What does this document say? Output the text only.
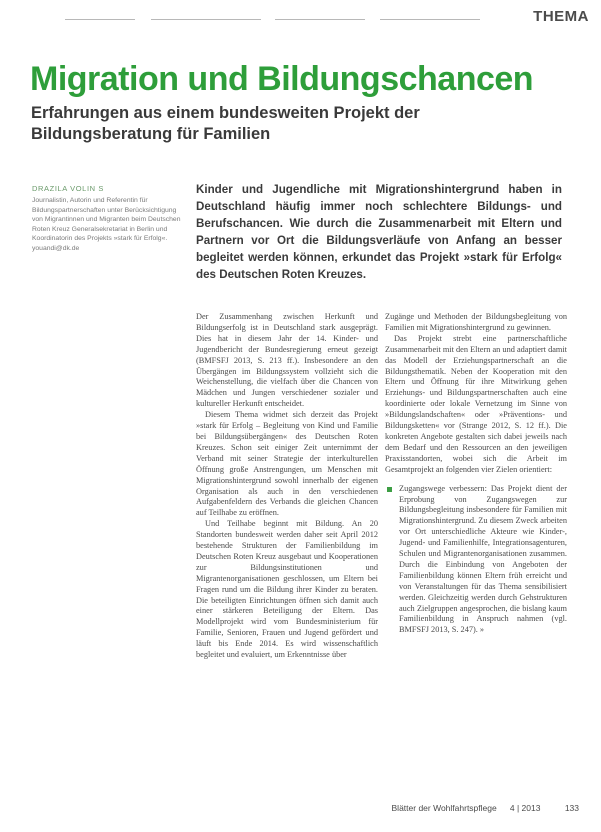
THEMA
Migration und Bildungschancen
Erfahrungen aus einem bundesweiten Projekt der Bildungsberatung für Familien
DRAZILA VOLIN S
Journalistin, Autorin und Referentin für Bildungspartnerschaften unter Berücksichtigung von Migrantinnen und Migranten beim Deutschen Roten Kreuz Generalsekretariat in Berlin und Koordinatorin des Projekts »stark für Erfolg«. youandi@dk.de

Kinder und Jugendliche mit Migrationshintergrund haben in Deutschland häufig immer noch schlechtere Bildungs- und Berufschancen. Wie durch die Zusammenarbeit mit Eltern und Partnern vor Ort die Bildungsverläufe von Anfang an besser begleitet werden können, erkundet das Projekt »stark für Erfolg« des Deutschen Roten Kreuzes.

Der Zusammenhang zwischen Herkunft und Bildungserfolg ist in Deutschland stark ausgeprägt. Dies hat in diesem Jahr der 14. Kinder- und Jugendbericht der Bundesregierung erneut gezeigt (BMFSFJ 2013, S. 213 ff.). Insbesondere an den Übergängen im Bildungssystem vollzieht sich die Weichenstellung, die vielfach über die Chancen von Mädchen und Jungen verschiedener sozialer und kultureller Herkunft entscheidet.

Diesem Thema widmet sich derzeit das Projekt »stark für Erfolg – Begleitung von Kind und Familie bei Bildungsübergängen« des Deutschen Roten Kreuzes. Schon seit einiger Zeit unternimmt der Verband mit seiner Strategie der interkulturellen Öffnung große Anstrengungen, um Menschen mit Migrationshintergrund sowohl innerhalb der eigenen Organisation als auch in den verschiedenen Aufgabenfeldern des Verbands die gleichen Chancen auf Teilhabe zu eröffnen.

Und Teilhabe beginnt mit Bildung. An 20 Standorten bundesweit werden daher seit April 2012 bestehende Strukturen der Familienbildung im Deutschen Roten Kreuz ausgebaut und Kooperationen zur Bildungsinstitutionen und Migrantenorganisationen geschlossen, um Eltern bei Fragen rund um die Bildung ihrer Kinder zu beraten. Die beteiligten Einrichtungen öffnen sich damit auch einer stärkeren Beteiligung der Eltern. Das Modellprojekt wird vom Bundesministerium für Familie, Senioren, Frauen und Jugend gefördert und läuft bis Ende 2014. Es wird wissenschaftlich begleitet und evaluiert, um Erkenntnisse über

Zugänge und Methoden der Bildungsbegleitung von Familien mit Migrationshintergrund zu gewinnen.

Das Projekt strebt eine partnerschaftliche Zusammenarbeit mit den Eltern an und adaptiert damit das Modell der Erziehungspartnerschaft an die Bildungsthematik. Neben der Kooperation mit den Eltern und Öffnung für ihre Mitwirkung gehen Erziehungs- und Bildungspartnerschaften auch eine koordinierte oder lokale Vernetzung im Sinne von »Bildungslandschaften« oder »Präventions- und Bildungsketten« vor (Strange 2012, S. 12 ff.). Die konkreten Angebote gestalten sich dabei jeweils nach dem Bedarf und den Ressourcen an den jeweiligen Praxisstandorten, wobei sich die Arbeit im Gesamtprojekt an folgenden vier Zielen orientiert:

Zugangswege verbessern: Das Projekt dient der Erprobung von Zugangswegen zur Bildungsbegleitung insbesondere für Familien mit Migrationshintergrund. Zu diesem Zweck arbeiten vor Ort unterschiedliche Akteure wie Kinder-, Jugend- und Familienhilfe, Integrationsagenturen, Schulen und Migrantenorganisationen zusammen. Durch die Einbindung von Angeboten der Familienbildung können Eltern früh erreicht und von Veranstaltungen für das Thema sensibilisiert werden. Gleichzeitig werden durch Gehstrukturen auch Zielgruppen angesprochen, die bislang kaum Familienbildung in Anspruch nahmen (vgl. BMFSFJ 2013, S. 247). »

Blätter der Wohlfahrtspflege 4 | 2013	133
